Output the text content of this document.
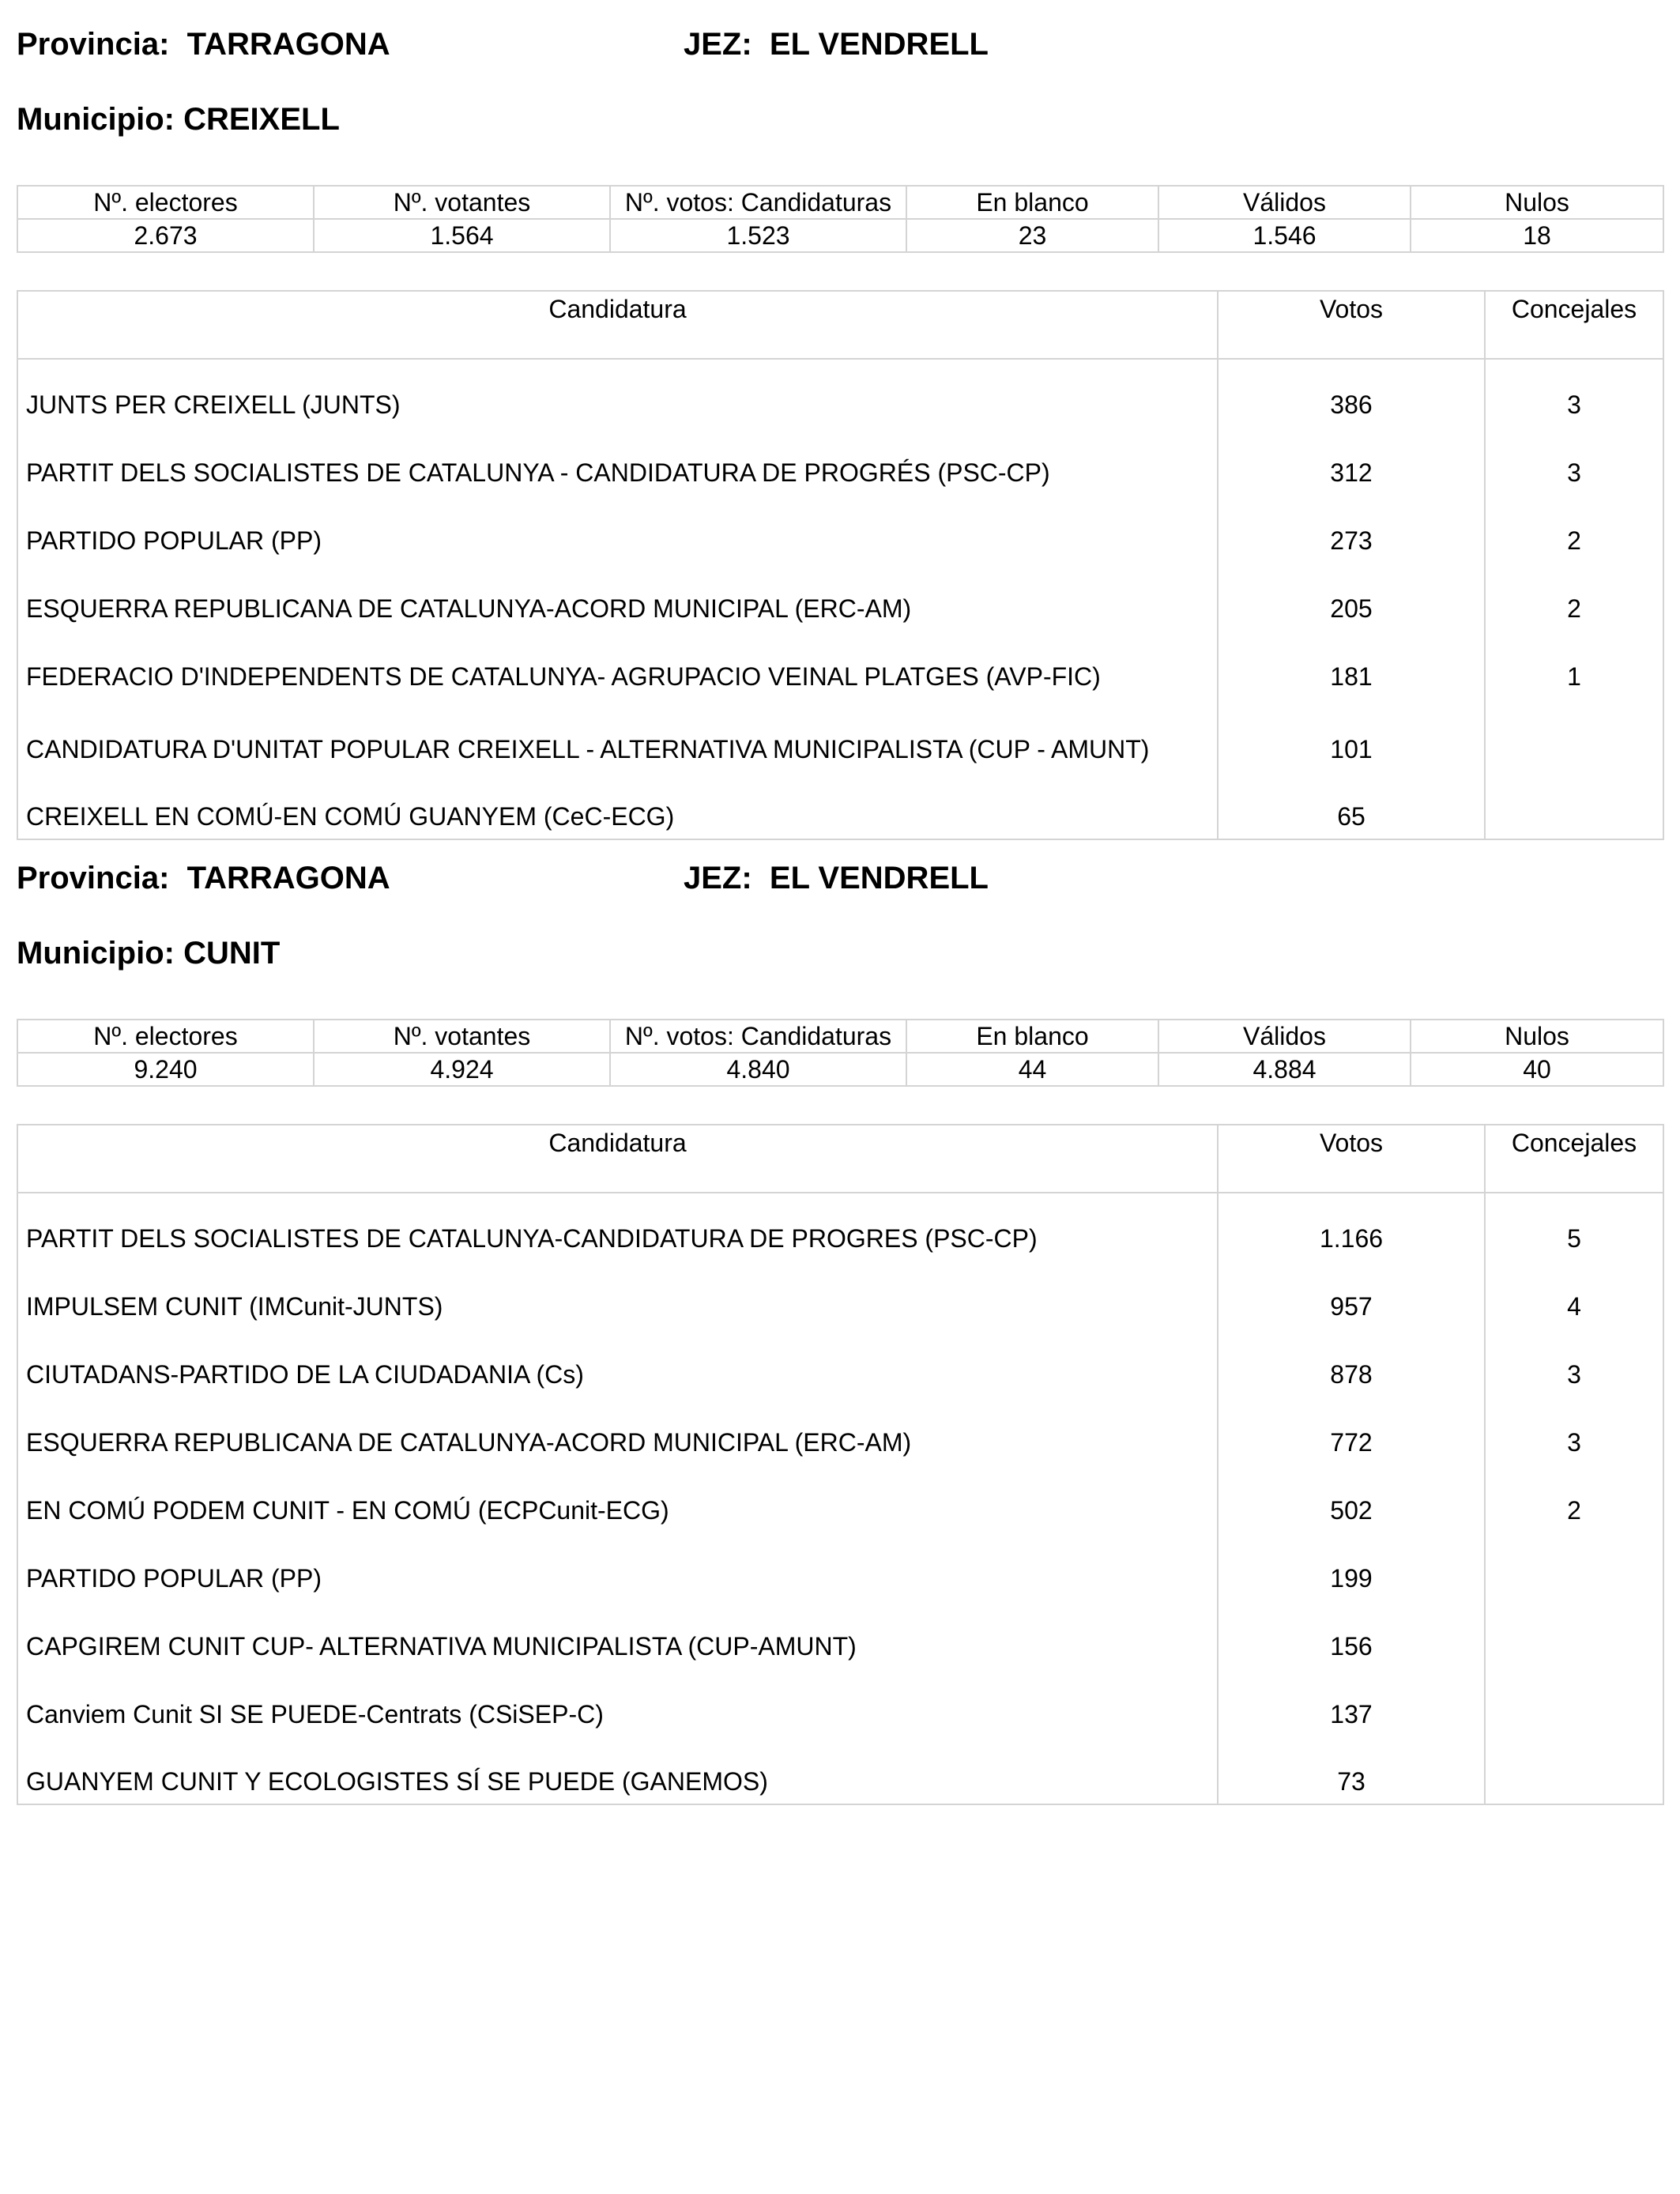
Provincia: TARRAGONA	JEZ: EL VENDRELL
Municipio: CREIXELL
Nº. electores	Nº. votantes	Nº. votos: Candidaturas	En blanco	Válidos	Nulos
2.673	1.564	1.523	23	1.546	18
Candidatura	Votos	Concejales
JUNTS PER CREIXELL (JUNTS)	386	3
PARTIT DELS SOCIALISTES DE CATALUNYA - CANDIDATURA DE PROGRÉS (PSC-CP)	312	3
PARTIDO POPULAR (PP)	273	2
ESQUERRA REPUBLICANA DE CATALUNYA-ACORD MUNICIPAL (ERC-AM)	205	2
FEDERACIO D'INDEPENDENTS DE CATALUNYA- AGRUPACIO VEINAL PLATGES (AVP-FIC)	181	1
CANDIDATURA D'UNITAT POPULAR CREIXELL - ALTERNATIVA MUNICIPALISTA (CUP - AMUNT)	101	
CREIXELL EN COMÚ-EN COMÚ GUANYEM (CeC-ECG)	65	
Provincia: TARRAGONA	JEZ: EL VENDRELL
Municipio: CUNIT
Nº. electores	Nº. votantes	Nº. votos: Candidaturas	En blanco	Válidos	Nulos
9.240	4.924	4.840	44	4.884	40
Candidatura	Votos	Concejales
PARTIT DELS SOCIALISTES DE CATALUNYA-CANDIDATURA DE PROGRES (PSC-CP)	1.166	5
IMPULSEM CUNIT (IMCunit-JUNTS)	957	4
CIUTADANS-PARTIDO DE LA CIUDADANIA (Cs)	878	3
ESQUERRA REPUBLICANA DE CATALUNYA-ACORD MUNICIPAL (ERC-AM)	772	3
EN COMÚ PODEM CUNIT - EN COMÚ (ECPCunit-ECG)	502	2
PARTIDO POPULAR (PP)	199	
CAPGIREM CUNIT CUP- ALTERNATIVA MUNICIPALISTA (CUP-AMUNT)	156	
Canviem Cunit SI SE PUEDE-Centrats (CSiSEP-C)	137	
GUANYEM CUNIT Y ECOLOGISTES SÍ SE PUEDE (GANEMOS)	73	
